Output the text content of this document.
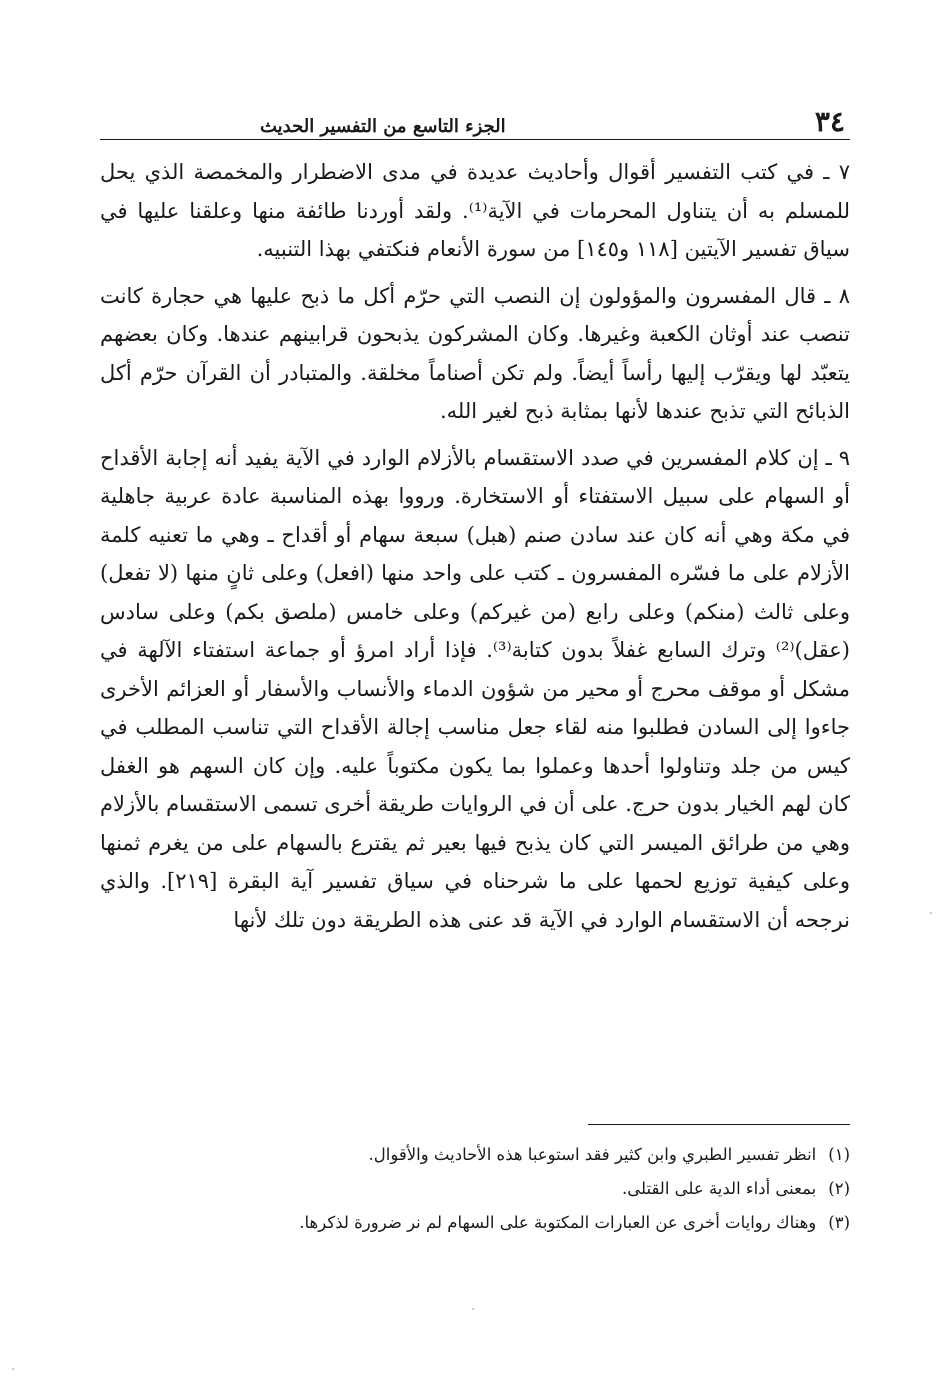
٣٤
الجزء التاسع من التفسير الحديث

٧ ـ في كتب التفسير أقوال وأحاديث عديدة في مدى الاضطرار والمخمصة الذي يحل للمسلم به أن يتناول المحرمات في الآية⁽¹⁾. ولقد أوردنا طائفة منها وعلقنا عليها في سياق تفسير الآيتين [١١٨ و١٤٥] من سورة الأنعام فنكتفي بهذا التنبيه.

٨ ـ قال المفسرون والمؤولون إن النصب التي حرّم أكل ما ذبح عليها هي حجارة كانت تنصب عند أوثان الكعبة وغيرها. وكان المشركون يذبحون قرابينهم عندها. وكان بعضهم يتعبّد لها ويقرّب إليها رأساً أيضاً. ولم تكن أصناماً مخلقة. والمتبادر أن القرآن حرّم أكل الذبائح التي تذبح عندها لأنها بمثابة ذبح لغير الله.

٩ ـ إن كلام المفسرين في صدد الاستقسام بالأزلام الوارد في الآية يفيد أنه إجابة الأقداح أو السهام على سبيل الاستفتاء أو الاستخارة. ورووا بهذه المناسبة عادة عربية جاهلية في مكة وهي أنه كان عند سادن صنم (هبل) سبعة سهام أو أقداح ـ وهي ما تعنيه كلمة الأزلام على ما فسّره المفسرون ـ كتب على واحد منها (افعل) وعلى ثانٍ منها (لا تفعل) وعلى ثالث (منكم) وعلى رابع (من غيركم) وعلى خامس (ملصق بكم) وعلى سادس (عقل)⁽²⁾ وترك السابع غفلاً بدون كتابة⁽³⁾. فإذا أراد امرؤ أو جماعة استفتاء الآلهة في مشكل أو موقف محرج أو محير من شؤون الدماء والأنساب والأسفار أو العزائم الأخرى جاءوا إلى السادن فطلبوا منه لقاء جعل مناسب إجالة الأقداح التي تناسب المطلب في كيس من جلد وتناولوا أحدها وعملوا بما يكون مكتوباً عليه. وإن كان السهم هو الغفل كان لهم الخيار بدون حرج. على أن في الروايات طريقة أخرى تسمى الاستقسام بالأزلام وهي من طرائق الميسر التي كان يذبح فيها بعير ثم يقترع بالسهام على من يغرم ثمنها وعلى كيفية توزيع لحمها على ما شرحناه في سياق تفسير آية البقرة [٢١٩]. والذي نرجحه أن الاستقسام الوارد في الآية قد عنى هذه الطريقة دون تلك لأنها

(١)
انظر تفسير الطبري وابن كثير فقد استوعبا هذه الأحاديث والأقوال.
(٢)
بمعنى أداء الدية على القتلى.
(٣)
وهناك روايات أخرى عن العبارات المكتوبة على السهام لم نر ضرورة لذكرها.
